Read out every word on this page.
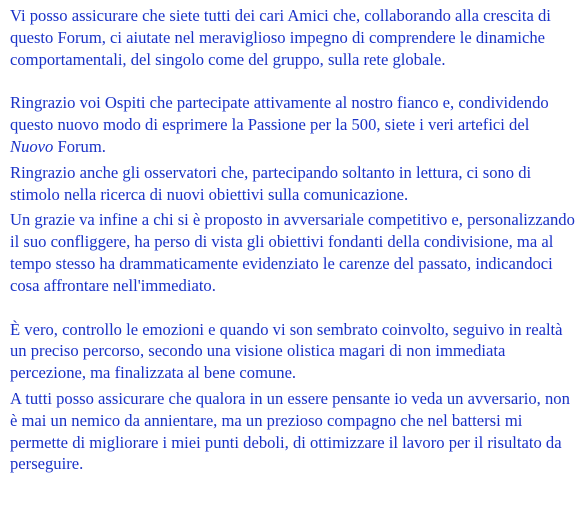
Vi posso assicurare che siete tutti dei cari Amici che, collaborando alla crescita di questo Forum, ci aiutate nel meraviglioso impegno di comprendere le dinamiche comportamentali, del singolo come del gruppo, sulla rete globale.

Ringrazio voi Ospiti che partecipate attivamente al nostro fianco e, condividendo questo nuovo modo di esprimere la Passione per la 500, siete i veri artefici del Nuovo Forum.

Ringrazio anche gli osservatori che, partecipando soltanto in lettura, ci sono di stimolo nella ricerca di nuovi obiettivi sulla comunicazione.

Un grazie va infine a chi si è proposto in avversariale competitivo e, personalizzando il suo confliggere, ha perso di vista gli obiettivi fondanti della condivisione, ma al tempo stesso ha drammaticamente evidenziato le carenze del passato, indicandoci cosa affrontare nell'immediato.

È vero, controllo le emozioni e quando vi son sembrato coinvolto, seguivo in realtà un preciso percorso, secondo una visione olistica magari di non immediata percezione, ma finalizzata al bene comune.

A tutti posso assicurare che qualora in un essere pensante io veda un avversario, non è mai un nemico da annientare, ma un prezioso compagno che nel battersi mi permette di migliorare i miei punti deboli, di ottimizzare il lavoro per il risultato da perseguire.
